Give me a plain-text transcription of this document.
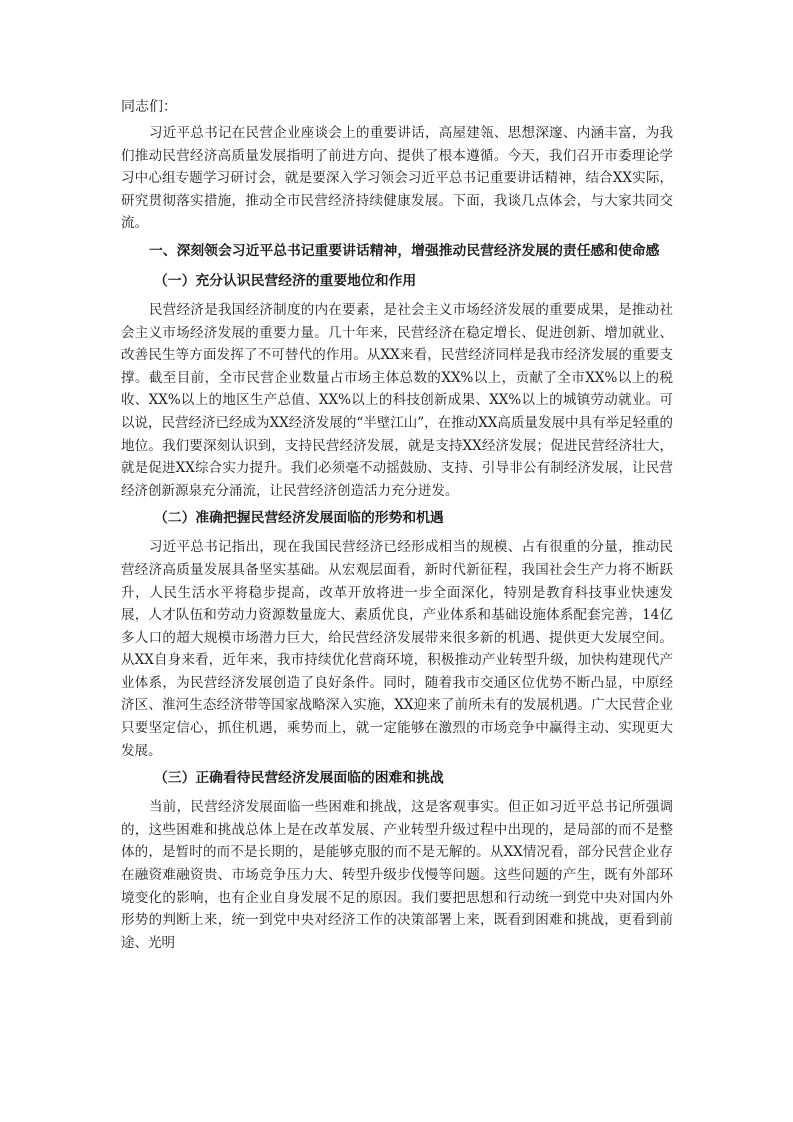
同志们：

习近平总书记在民营企业座谈会上的重要讲话，高屋建瓴、思想深邃、内涵丰富，为我们推动民营经济高质量发展指明了前进方向、提供了根本遵循。今天，我们召开市委理论学习中心组专题学习研讨会，就是要深入学习领会习近平总书记重要讲话精神，结合XX实际，研究贯彻落实措施，推动全市民营经济持续健康发展。下面，我谈几点体会，与大家共同交流。

一、深刻领会习近平总书记重要讲话精神，增强推动民营经济发展的责任感和使命感

（一）充分认识民营经济的重要地位和作用

民营经济是我国经济制度的内在要素，是社会主义市场经济发展的重要成果，是推动社会主义市场经济发展的重要力量。几十年来，民营经济在稳定增长、促进创新、增加就业、改善民生等方面发挥了不可替代的作用。从XX来看，民营经济同样是我市经济发展的重要支撑。截至目前，全市民营企业数量占市场主体总数的XX%以上，贡献了全市XX%以上的税收、XX%以上的地区生产总值、XX%以上的科技创新成果、XX%以上的城镇劳动就业。可以说，民营经济已经成为XX经济发展的“半壁江山”，在推动XX高质量发展中具有举足轻重的地位。我们要深刻认识到，支持民营经济发展，就是支持XX经济发展；促进民营经济壮大，就是促进XX综合实力提升。我们必须毫不动摇鼓励、支持、引导非公有制经济发展，让民营经济创新源泉充分涌流，让民营经济创造活力充分迸发。

（二）准确把握民营经济发展面临的形势和机遇

习近平总书记指出，现在我国民营经济已经形成相当的规模、占有很重的分量，推动民营经济高质量发展具备坚实基础。从宏观层面看，新时代新征程，我国社会生产力将不断跃升，人民生活水平将稳步提高，改革开放将进一步全面深化，特别是教育科技事业快速发展，人才队伍和劳动力资源数量庞大、素质优良，产业体系和基础设施体系配套完善，14亿多人口的超大规模市场潜力巨大，给民营经济发展带来很多新的机遇、提供更大发展空间。从XX自身来看，近年来，我市持续优化营商环境，积极推动产业转型升级，加快构建现代产业体系，为民营经济发展创造了良好条件。同时，随着我市交通区位优势不断凸显，中原经济区、淮河生态经济带等国家战略深入实施，XX迎来了前所未有的发展机遇。广大民营企业只要坚定信心，抓住机遇，乘势而上，就一定能够在激烈的市场竞争中赢得主动、实现更大发展。

（三）正确看待民营经济发展面临的困难和挑战

当前，民营经济发展面临一些困难和挑战，这是客观事实。但正如习近平总书记所强调的，这些困难和挑战总体上是在改革发展、产业转型升级过程中出现的，是局部的而不是整体的，是暂时的而不是长期的，是能够克服的而不是无解的。从XX情况看，部分民营企业存在融资难融资贵、市场竞争压力大、转型升级步伐慢等问题。这些问题的产生，既有外部环境变化的影响，也有企业自身发展不足的原因。我们要把思想和行动统一到党中央对国内外形势的判断上来，统一到党中央对经济工作的决策部署上来，既看到困难和挑战，更看到前途、光明
